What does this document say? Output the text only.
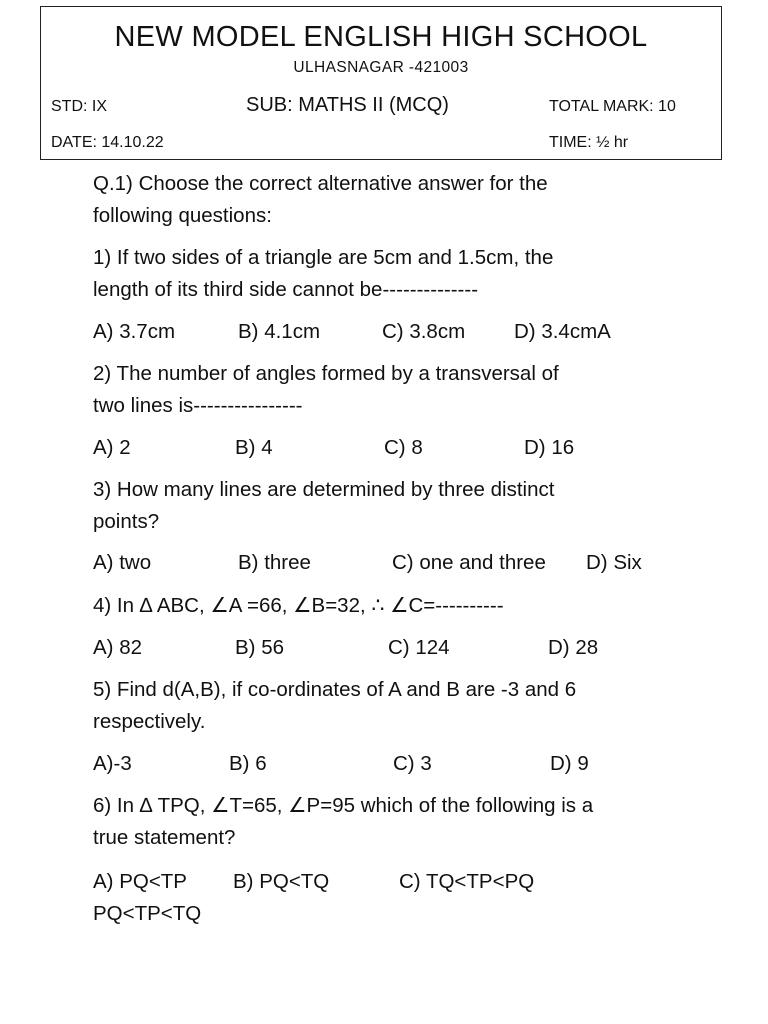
NEW MODEL ENGLISH HIGH SCHOOL
ULHASNAGAR -421003
STD: IX	SUB: MATHS II (MCQ)	TOTAL MARK: 10
DATE: 14.10.22	TIME: ½ hr
Q.1) Choose the correct alternative answer for the
following questions:
1) If two sides of a triangle are 5cm and 1.5cm, the
length of its third side cannot be--------------
A) 3.7cm	B) 4.1cm	C) 3.8cm D) 3.4cmA
2) The number of angles formed by a transversal of
two lines is----------------
A) 2	B) 4	C) 8	D) 16
3) How many lines are determined by three distinct
points?
A) two	B) three	C) one and three D) Six
4) In ∆ ABC, ∠A =66, ∠B=32, ∴ ∠C=----------
A) 82	B) 56	C) 124	D) 28
5) Find d(A,B), if co-ordinates of A and B are -3 and 6
respectively.
A)-3	B) 6	C) 3	D) 9
6) In ∆ TPQ, ∠T=65, ∠P=95 which of the following is a
true statement?
A) PQ<TP B) PQ<TQ	C) TQ<TP<PQ
PQ<TP<TQ
